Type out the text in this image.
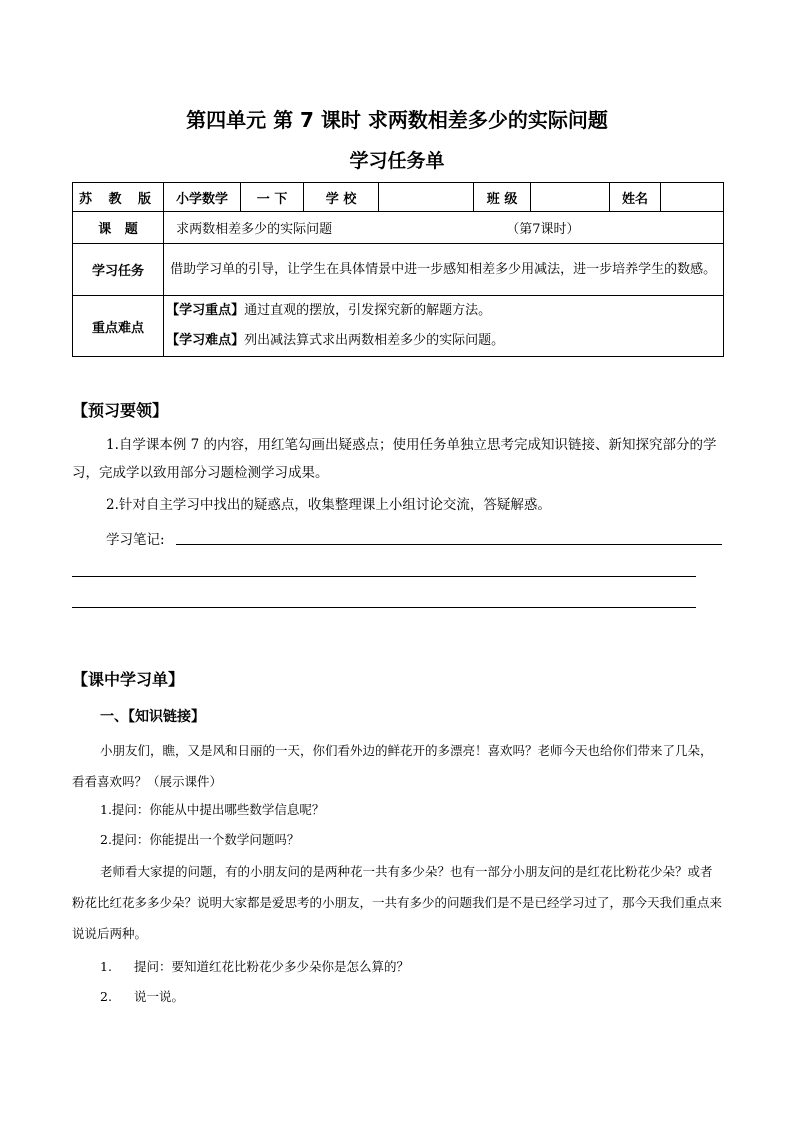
第四单元 第 7 课时 求两数相差多少的实际问题
学习任务单
苏 教 版	小学数学	一 下	学 校		班 级		姓名	
课   题	求两数相差多少的实际问题 （第7课时）							
学习任务	借助学习单的引导，让学生在具体情景中进一步感知相差多少用减法，进一步培养学生的数感。							
重点难点	【学习重点】通过直观的摆放，引发探究新的解题方法。
【学习难点】列出减法算式求出两数相差多少的实际问题。							
【预习要领】
1.自学课本例 7 的内容，用红笔勾画出疑惑点；使用任务单独立思考完成知识链接、新知探究部分的学习，完成学以致用部分习题检测学习成果。
2.针对自主学习中找出的疑惑点，收集整理课上小组讨论交流，答疑解惑。
学习笔记:
【课中学习单】
一、【知识链接】
小朋友们，瞧，又是风和日丽的一天，你们看外边的鲜花开的多漂亮！喜欢吗？老师今天也给你们带来了几朵，看看喜欢吗？（展示课件）
1.提问：你能从中提出哪些数学信息呢？
2.提问：你能提出一个数学问题吗？
老师看大家提的问题，有的小朋友问的是两种花一共有多少朵？也有一部分小朋友问的是红花比粉花少朵？或者粉花比红花多多少朵？说明大家都是爱思考的小朋友，一共有多少的问题我们是不是已经学习过了，那今天我们重点来说说后两种。
1. 提问：要知道红花比粉花少多少朵你是怎么算的？
2. 说一说。
